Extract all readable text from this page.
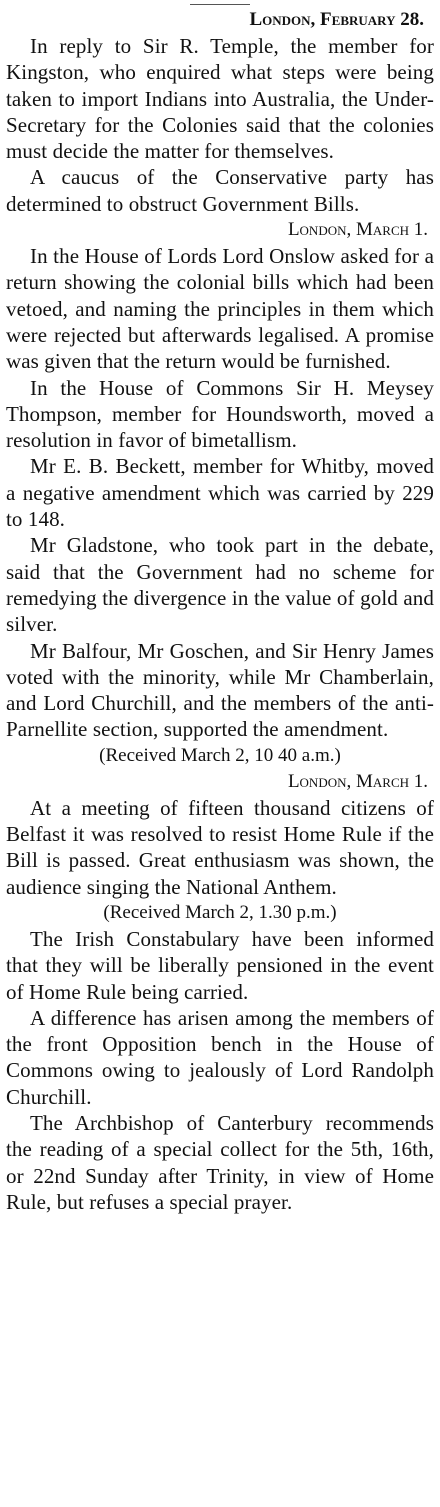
London, February 28.

In reply to Sir R. Temple, the member for Kingston, who enquired what steps were being taken to import Indians into Australia, the Under-Secretary for the Colonies said that the colonies must decide the matter for themselves.

A caucus of the Conservative party has determined to obstruct Government Bills.

London, March 1.

In the House of Lords Lord Onslow asked for a return showing the colonial bills which had been vetoed, and naming the principles in them which were rejected but afterwards legalised. A promise was given that the return would be furnished.

In the House of Commons Sir H. Meysey Thompson, member for Houndsworth, moved a resolution in favor of bimetallism.

Mr E. B. Beckett, member for Whitby, moved a negative amendment which was carried by 229 to 148.

Mr Gladstone, who took part in the debate, said that the Government had no scheme for remedying the divergence in the value of gold and silver.

Mr Balfour, Mr Goschen, and Sir Henry James voted with the minority, while Mr Chamberlain, and Lord Churchill, and the members of the anti-Parnellite section, supported the amendment.

(Received March 2, 10 40 a.m.)

London, March 1.

At a meeting of fifteen thousand citizens of Belfast it was resolved to resist Home Rule if the Bill is passed. Great enthusiasm was shown, the audience singing the National Anthem.

(Received March 2, 1.30 p.m.)

The Irish Constabulary have been informed that they will be liberally pensioned in the event of Home Rule being carried.

A difference has arisen among the members of the front Opposition bench in the House of Commons owing to jealously of Lord Randolph Churchill.

The Archbishop of Canterbury recommends the reading of a special collect for the 5th, 16th, or 22nd Sunday after Trinity, in view of Home Rule, but refuses a special prayer.
